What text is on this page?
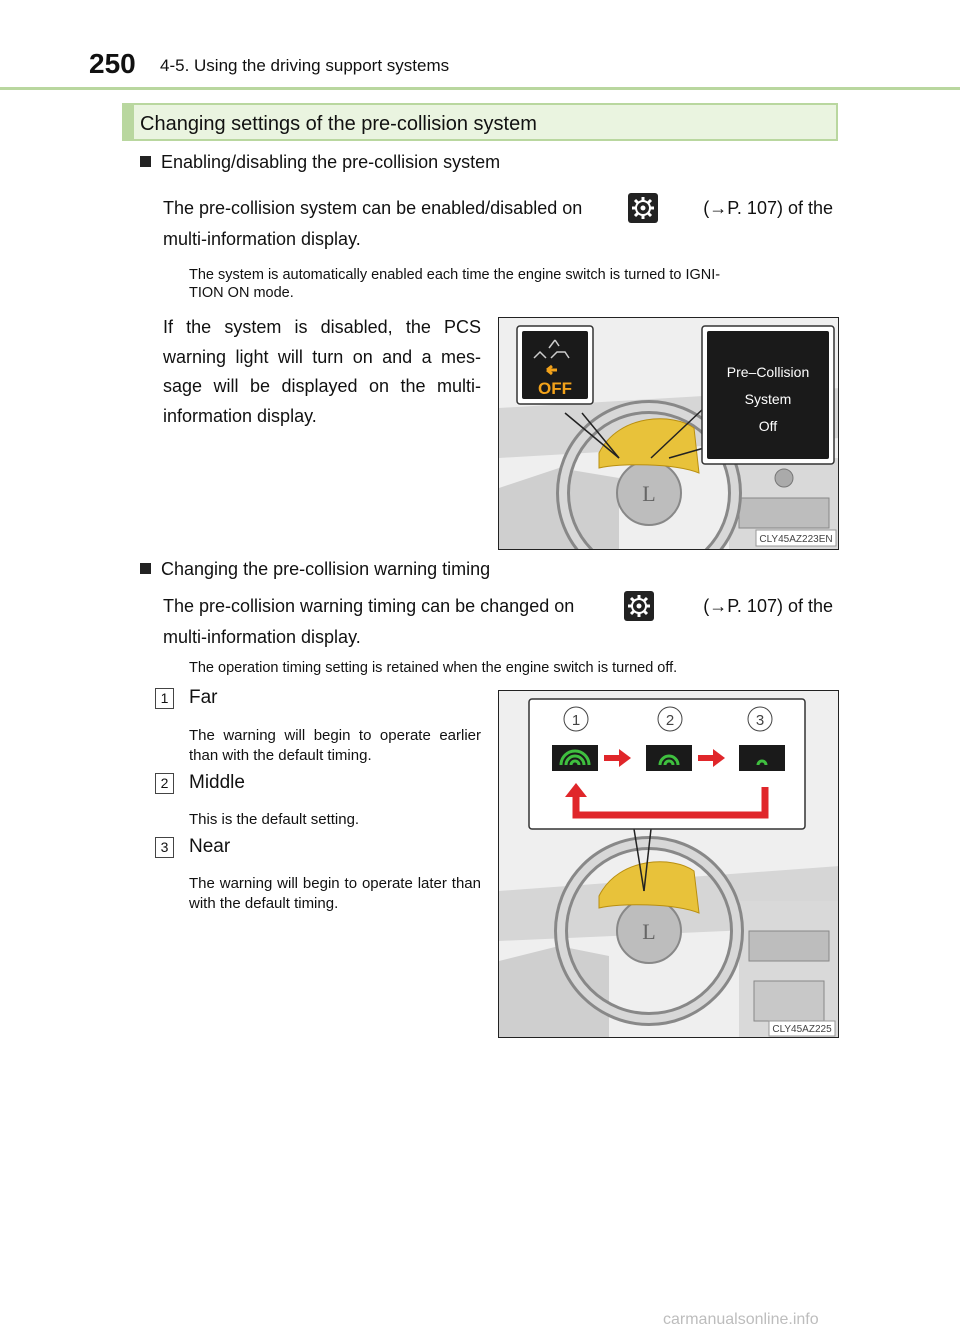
250 4-5. Using the driving support systems
Changing settings of the pre-collision system
Enabling/disabling the pre-collision system
The pre-collision system can be enabled/disabled on	(→P. 107) of the
multi-information display.
The system is automatically enabled each time the engine switch is turned to IGNI-
TION ON mode.
If the system is disabled, the PCS
warning light will turn on and a mes-
sage will be displayed on the multi-
information display.
L
OFF
Pre–Collision
System
Off
CLY45AZ223EN
Changing the pre-collision warning timing
The pre-collision warning timing can be changed on	(→P. 107) of the
multi-information display.
The operation timing setting is retained when the engine switch is turned off.
1 Far
The warning will begin to operate earlier than with the default timing.
2 Middle
This is the default setting.
3 Near
The warning will begin to operate later than with the default timing.
L
1	2	3
CLY45AZ225
carmanualsonline.info
